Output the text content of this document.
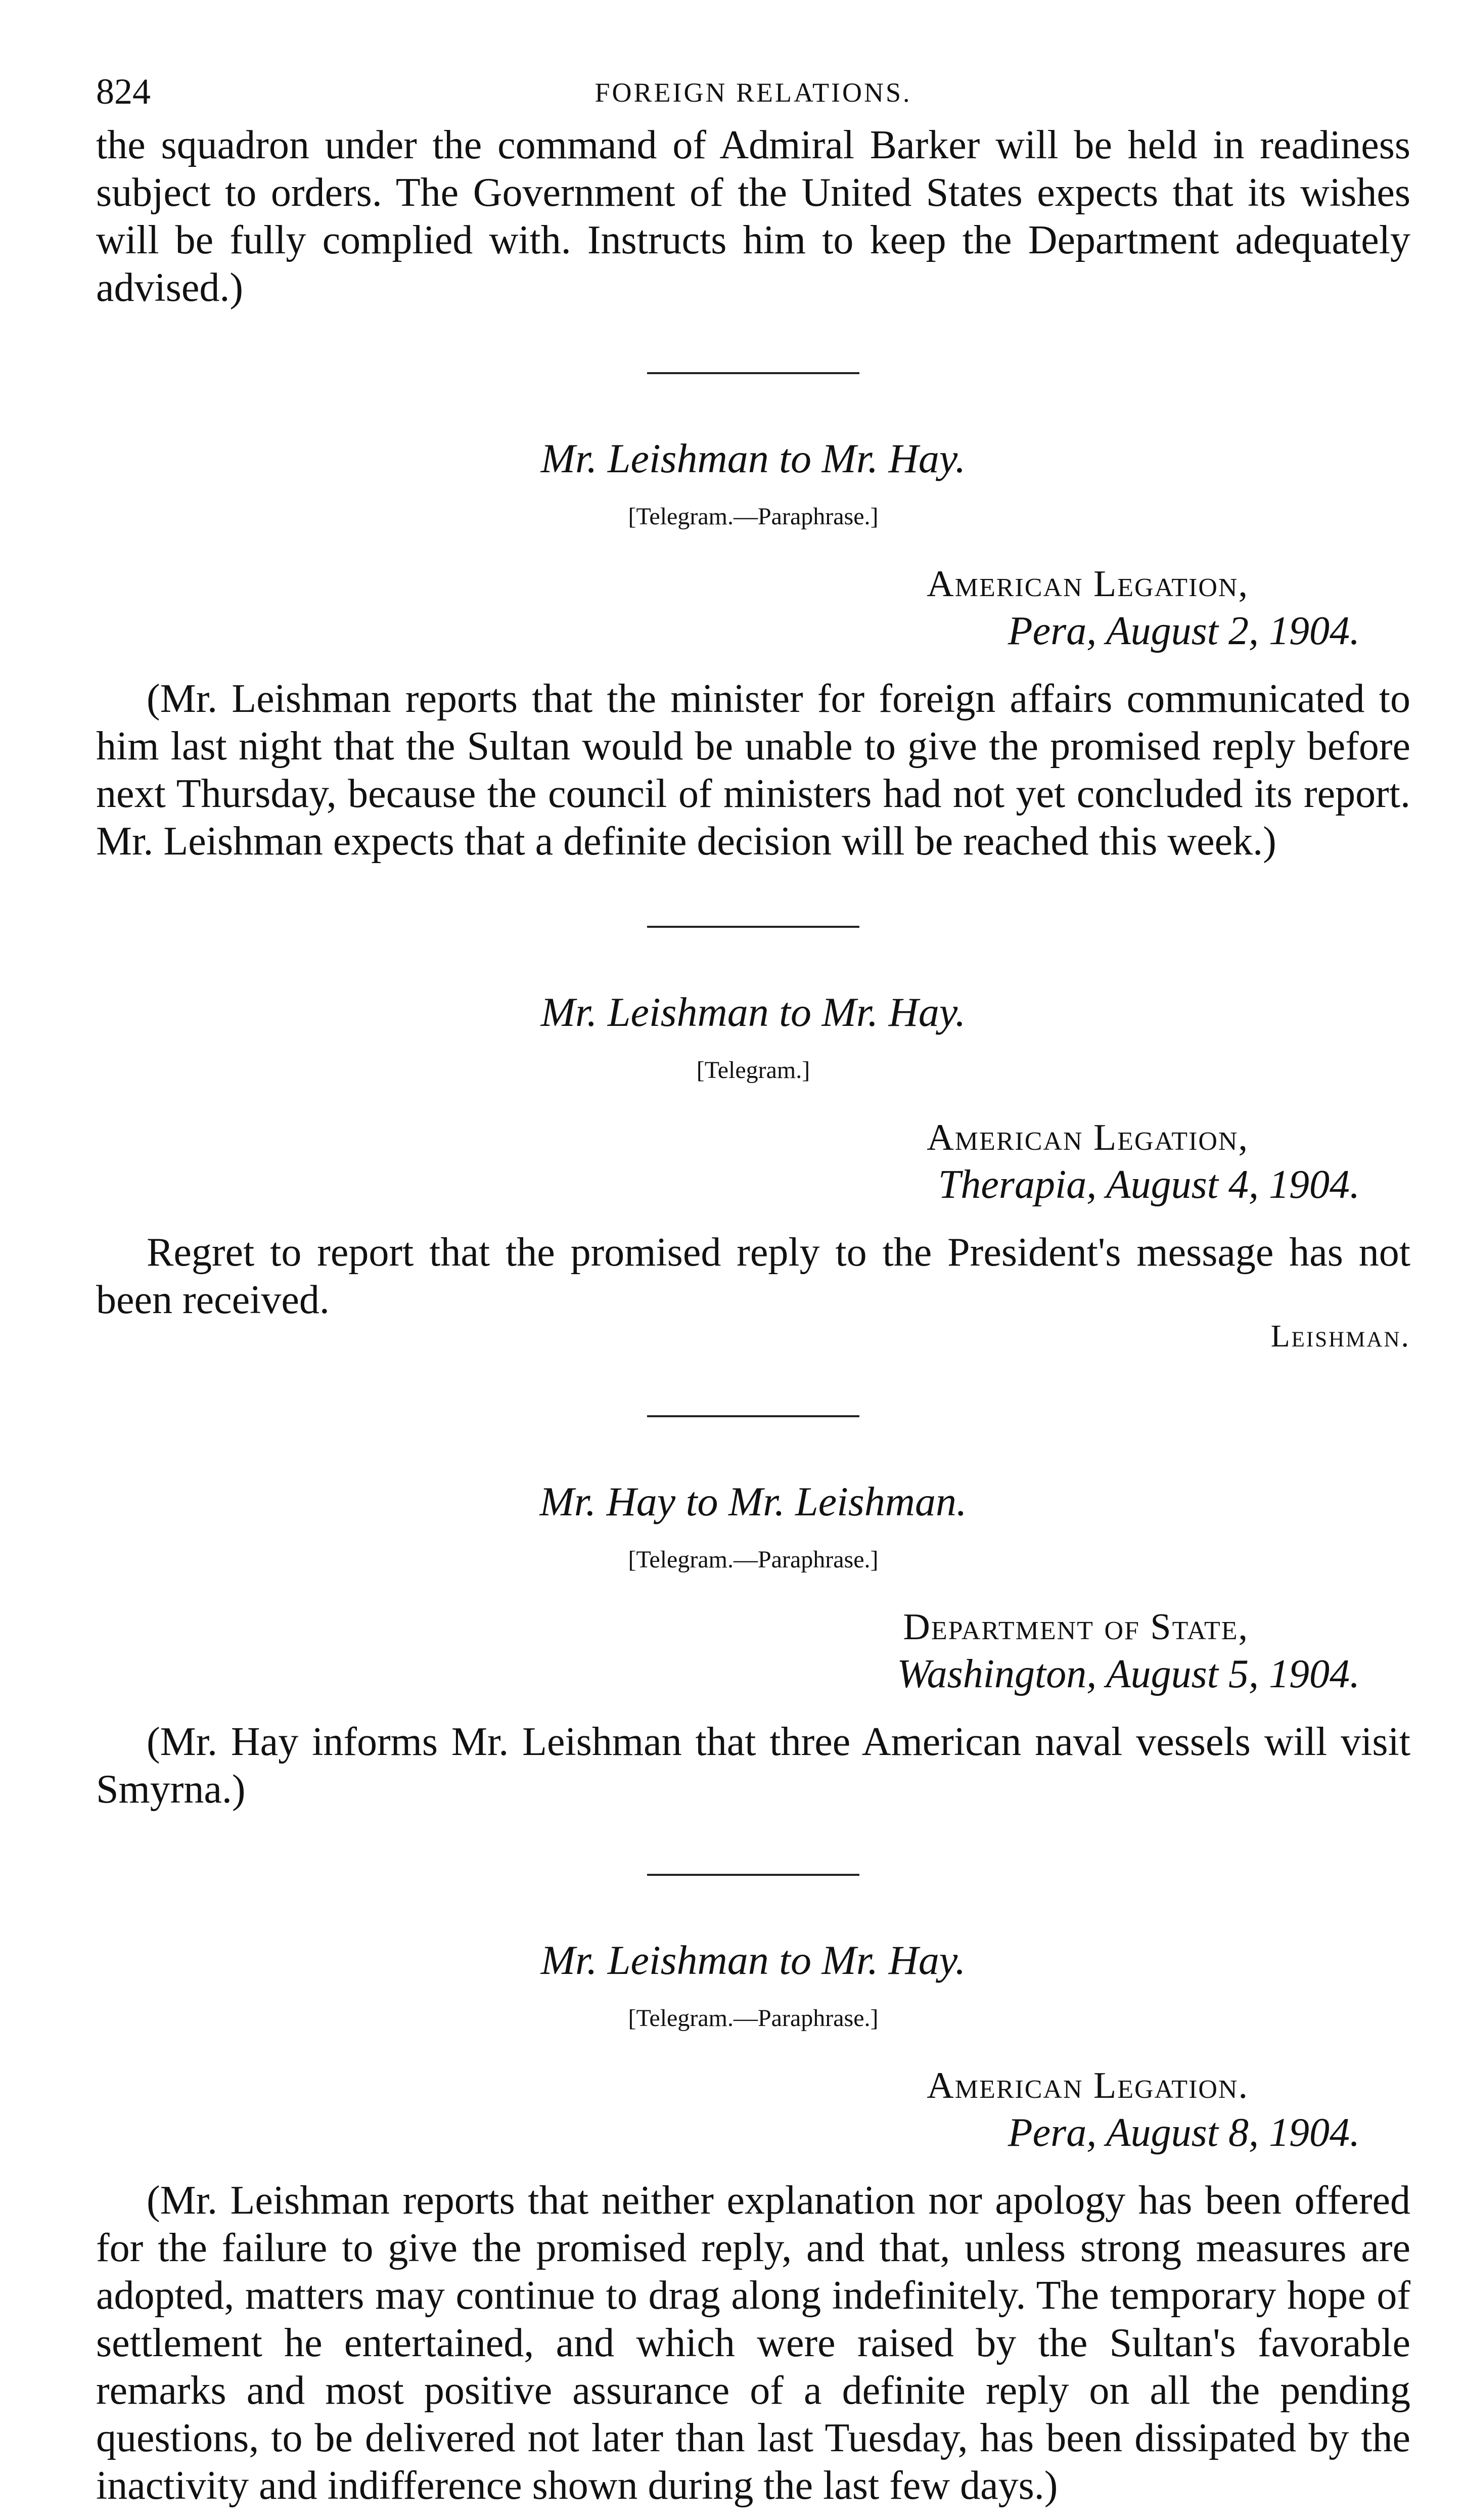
824	FOREIGN RELATIONS.

the squadron under the command of Admiral Barker will be held in readiness subject to orders. The Government of the United States expects that its wishes will be fully complied with. Instructs him to keep the Department adequately advised.)

Mr. Leishman to Mr. Hay.
[Telegram.—Paraphrase.]
American Legation,
Pera, August 2, 1904.

(Mr. Leishman reports that the minister for foreign affairs communicated to him last night that the Sultan would be unable to give the promised reply before next Thursday, because the council of ministers had not yet concluded its report. Mr. Leishman expects that a definite decision will be reached this week.)

Mr. Leishman to Mr. Hay.
[Telegram.]
American Legation,
Therapia, August 4, 1904.

Regret to report that the promised reply to the President's message has not been received.

Leishman.
Mr. Hay to Mr. Leishman.
[Telegram.—Paraphrase.]
Department of State,
Washington, August 5, 1904.

(Mr. Hay informs Mr. Leishman that three American naval vessels will visit Smyrna.)

Mr. Leishman to Mr. Hay.
[Telegram.—Paraphrase.]
American Legation.
Pera, August 8, 1904.

(Mr. Leishman reports that neither explanation nor apology has been offered for the failure to give the promised reply, and that, unless strong measures are adopted, matters may continue to drag along indefinitely. The temporary hope of settlement he entertained, and which were raised by the Sultan's favorable remarks and most positive assurance of a definite reply on all the pending questions, to be delivered not later than last Tuesday, has been dissipated by the inactivity and indifference shown during the last few days.)
